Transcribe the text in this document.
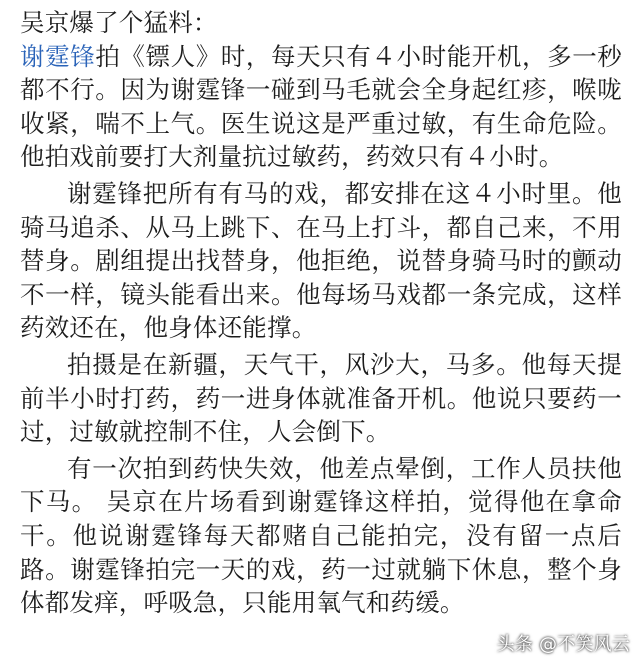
吴京爆了个猛料：

谢霆锋拍《镖人》时，每天只有４小时能开机，多一秒都不行。因为谢霆锋一碰到马毛就会全身起红疹，喉咙收紧，喘不上气。医生说这是严重过敏，有生命危险。他拍戏前要打大剂量抗过敏药，药效只有４小时。

谢霆锋把所有有马的戏，都安排在这４小时里。他骑马追杀、从马上跳下、在马上打斗，都自己来，不用替身。剧组提出找替身，他拒绝，说替身骑马时的颤动不一样，镜头能看出来。他每场马戏都一条完成，这样药效还在，他身体还能撑。

拍摄是在新疆，天气干，风沙大，马多。他每天提前半小时打药，药一进身体就准备开机。他说只要药一过，过敏就控制不住，人会倒下。

有一次拍到药快失效，他差点晕倒，工作人员扶他下马。 吴京在片场看到谢霆锋这样拍，觉得他在拿命干。他说谢霆锋每天都赌自己能拍完，没有留一点后路。谢霆锋拍完一天的戏，药一过就躺下休息，整个身体都发痒，呼吸急，只能用氧气和药缓。

头条 @不笑风云
